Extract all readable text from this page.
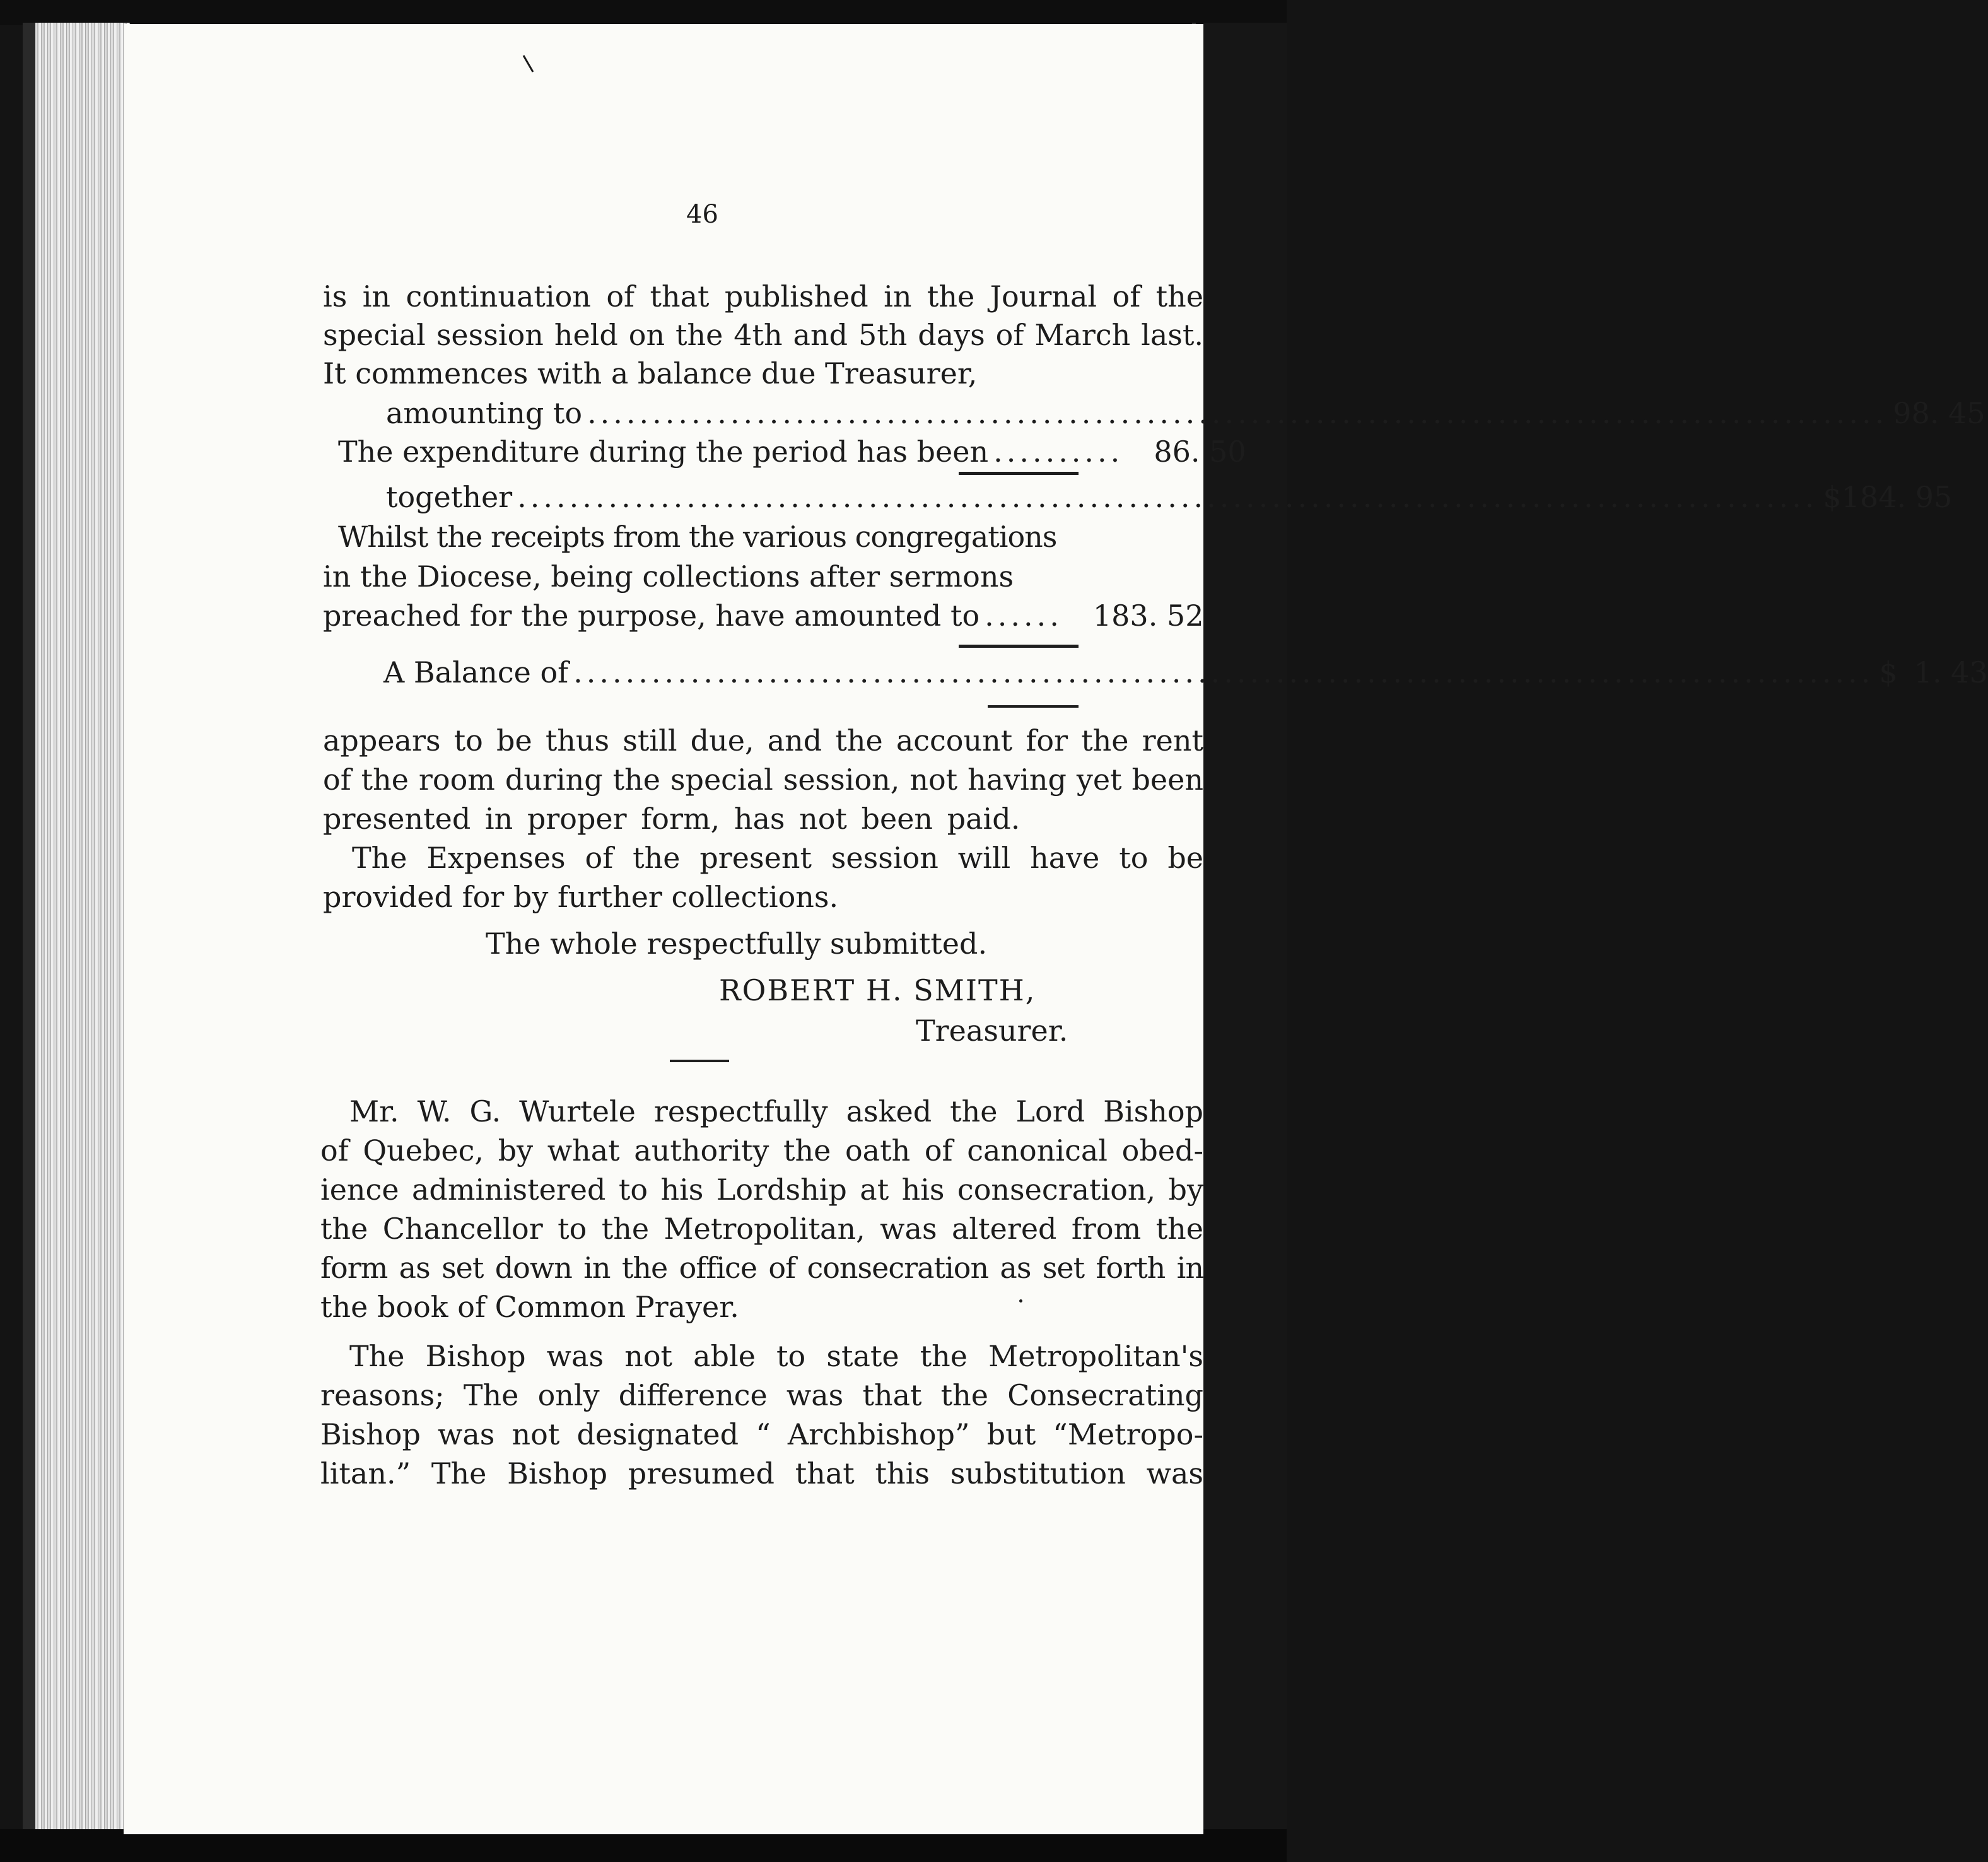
46
is in continuation of that published in the Journal of the
special session held on the 4th and 5th days of March last.
It commences with a balance due Treasurer,
amounting to .................................................................................................... 98. 45
The expenditure during the period has been .......... 86. 50
together .................................................................................................... $184. 95
Whilst the receipts from the various congregations
in the Diocese, being collections after sermons
preached for the purpose, have amounted to ...... 183. 52
A Balance of .................................................................................................... $ 1. 43
appears to be thus still due, and the account for the rent
of the room during the special session, not having yet been
presented in proper form, has not been paid.
The Expenses of the present session will have to be
provided for by further collections.
The whole respectfully submitted.
ROBERT H. SMITH,
Treasurer.
Mr. W. G. Wurtele respectfully asked the Lord Bishop
of Quebec, by what authority the oath of canonical obed-
ience administered to his Lordship at his consecration, by
the Chancellor to the Metropolitan, was altered from the
form as set down in the office of consecration as set forth in
the book of Common Prayer.
The Bishop was not able to state the Metropolitan's
reasons; The only difference was that the Consecrating
Bishop was not designated “ Archbishop” but “Metropo-
litan.” The Bishop presumed that this substitution was
